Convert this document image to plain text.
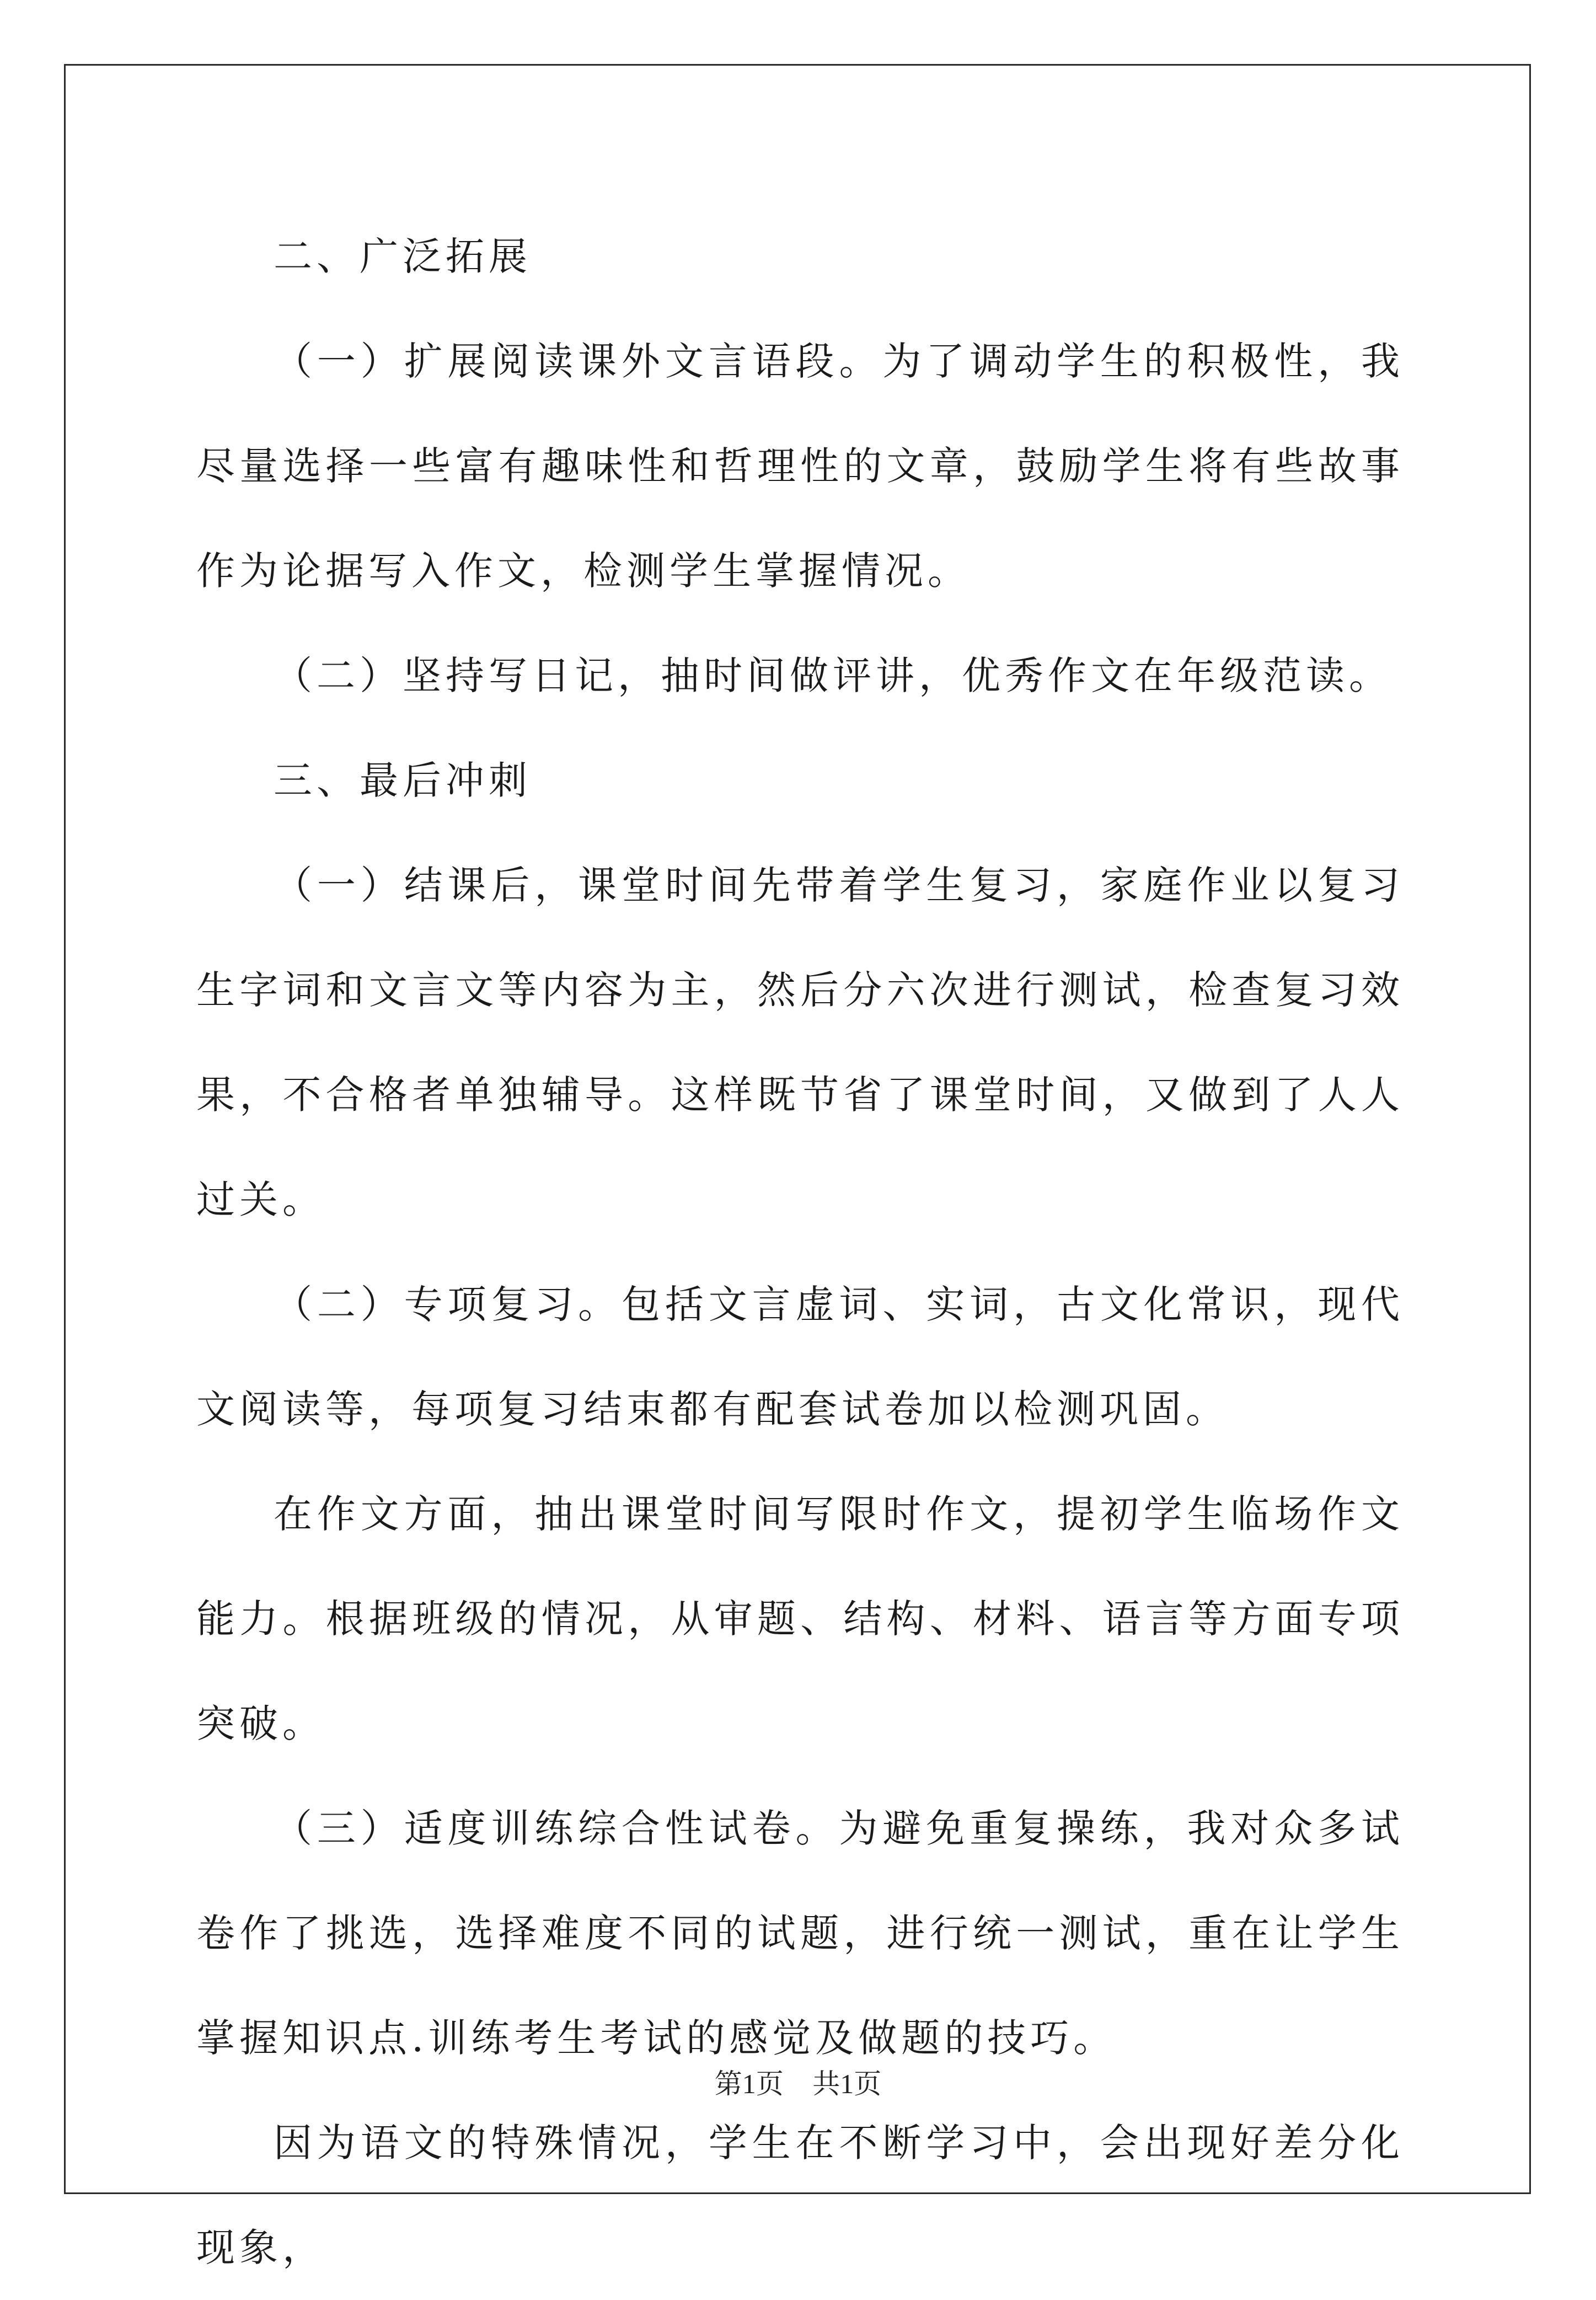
二、广泛拓展

（一）扩展阅读课外文言语段。为了调动学生的积极性，我尽量选择一些富有趣味性和哲理性的文章，鼓励学生将有些故事作为论据写入作文，检测学生掌握情况。

（二）坚持写日记，抽时间做评讲，优秀作文在年级范读。

三、最后冲刺

（一）结课后，课堂时间先带着学生复习，家庭作业以复习生字词和文言文等内容为主，然后分六次进行测试，检查复习效果，不合格者单独辅导。这样既节省了课堂时间，又做到了人人过关。

（二）专项复习。包括文言虚词、实词，古文化常识，现代文阅读等，每项复习结束都有配套试卷加以检测巩固。

在作文方面，抽出课堂时间写限时作文，提初学生临场作文能力。根据班级的情况，从审题、结构、材料、语言等方面专项突破。

（三）适度训练综合性试卷。为避免重复操练，我对众多试卷作了挑选，选择难度不同的试题，进行统一测试，重在让学生掌握知识点.训练考生考试的感觉及做题的技巧。

因为语文的特殊情况，学生在不断学习中，会出现好差分化现象，

第1页 共1页
